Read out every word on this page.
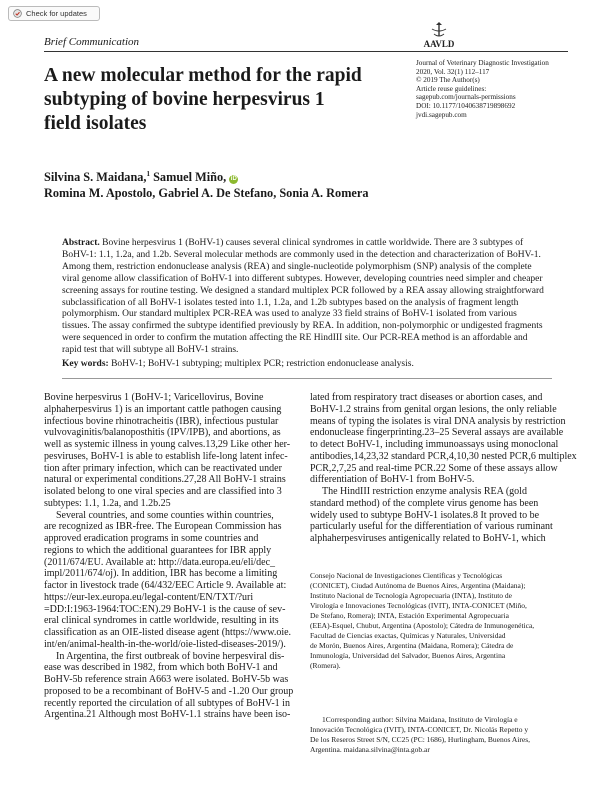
Check for updates
Brief Communication	AAVLD
Journal of Veterinary Diagnostic Investigation
2020, Vol. 32(1) 112–117
© 2019 The Author(s)
Article reuse guidelines:
sagepub.com/journals-permissions
DOI: 10.1177/1040638719898692
jvdi.sagepub.com
A new molecular method for the rapid
subtyping of bovine herpesvirus 1
field isolates
Silvina S. Maidana,$^1$ Samuel Miño, iD
Romina M. Apostolo, Gabriel A. De Stefano, Sonia A. Romera
Abstract. Bovine herpesvirus 1 (BoHV-1) causes several clinical syndromes in cattle worldwide. There are 3 subtypes of
BoHV-1: 1.1, 1.2a, and 1.2b. Several molecular methods are commonly used in the detection and characterization of BoHV-1.
Among them, restriction endonuclease analysis (REA) and single-nucleotide polymorphism (SNP) analysis of the complete
viral genome allow classification of BoHV-1 into different subtypes. However, developing countries need simpler and cheaper
screening assays for routine testing. We designed a standard multiplex PCR followed by a REA assay allowing straightforward
subclassification of all BoHV-1 isolates tested into 1.1, 1.2a, and 1.2b subtypes based on the analysis of fragment length
polymorphism. Our standard multiplex PCR-REA was used to analyze 33 field strains of BoHV-1 isolated from various
tissues. The assay confirmed the subtype identified previously by REA. In addition, non-polymorphic or undigested fragments
were sequenced in order to confirm the mutation affecting the RE HindIII site. Our PCR-REA method is an affordable and
rapid test that will subtype all BoHV-1 strains.
Key words: BoHV-1; BoHV-1 subtyping; multiplex PCR; restriction endonuclease analysis.
Bovine herpesvirus 1 (BoHV-1; Varicellovirus, Bovine
alphaherpesvirus 1) is an important cattle pathogen causing
infectious bovine rhinotracheitis (IBR), infectious pustular
vulvovaginitis/balanoposthitis (IPV/IPB), and abortions, as
well as systemic illness in young calves.13,29 Like other her-
pesviruses, BoHV-1 is able to establish life-long latent infec-
tion after primary infection, which can be reactivated under
natural or experimental conditions.27,28 All BoHV-1 strains
isolated belong to one viral species and are classified into 3
subtypes: 1.1, 1.2a, and 1.2b.25
Several countries, and some counties within countries,
are recognized as IBR-free. The European Commission has
approved eradication programs in some countries and
regions to which the additional guarantees for IBR apply
(2011/674/EU. Available at: http://data.europa.eu/eli/dec_
impl/2011/674/oj). In addition, IBR has become a limiting
factor in livestock trade (64/432/EEC Article 9. Available at:
https://eur-lex.europa.eu/legal-content/EN/TXT/?uri
=DD:I:1963-1964:TOC:EN).29 BoHV-1 is the cause of sev-
eral clinical syndromes in cattle worldwide, resulting in its
classification as an OIE-listed disease agent (https://www.oie.
int/en/animal-health-in-the-world/oie-listed-diseases-2019/).
In Argentina, the first outbreak of bovine herpesviral dis-
ease was described in 1982, from which both BoHV-1 and
BoHV-5b reference strain A663 were isolated. BoHV-5b was
proposed to be a recombinant of BoHV-5 and -1.20 Our group
recently reported the circulation of all subtypes of BoHV-1 in
Argentina.21 Although most BoHV-1.1 strains have been iso-
lated from respiratory tract diseases or abortion cases, and
BoHV-1.2 strains from genital organ lesions, the only reliable
means of typing the isolates is viral DNA analysis by restriction
endonuclease fingerprinting.23–25 Several assays are available
to detect BoHV-1, including immunoassays using monoclonal
antibodies,14,23,32 standard PCR,4,10,30 nested PCR,6 multiplex
PCR,2,7,25 and real-time PCR.22 Some of these assays allow
differentiation of BoHV-1 from BoHV-5.
The HindIII restriction enzyme analysis REA (gold
standard method) of the complete virus genome has been
widely used to subtype BoHV-1 isolates.8 It proved to be
particularly useful for the differentiation of various ruminant
alphaherpesviruses antigenically related to BoHV-1, which
Consejo Nacional de Investigaciones Científicas y Tecnológicas
(CONICET), Ciudad Autónoma de Buenos Aires, Argentina (Maidana);
Instituto Nacional de Tecnología Agropecuaria (INTA), Instituto de
Virología e Innovaciones Tecnológicas (IVIT), INTA-CONICET (Miño,
De Stefano, Romera); INTA, Estación Experimental Agropecuaria
(EEA)-Esquel, Chubut, Argentina (Apostolo); Cátedra de Inmunogenética,
Facultad de Ciencias exactas, Químicas y Naturales, Universidad
de Morón, Buenos Aires, Argentina (Maidana, Romera); Cátedra de
Inmunología, Universidad del Salvador, Buenos Aires, Argentina
(Romera).
1Corresponding author: Silvina Maidana, Instituto de Virología e
Innovación Tecnológica (IVIT), INTA-CONICET, Dr. Nicolás Repetto y
De los Reseros Street S/N, CC25 (PC: 1686), Hurlingham, Buenos Aires,
Argentina. maidana.silvina@inta.gob.ar
